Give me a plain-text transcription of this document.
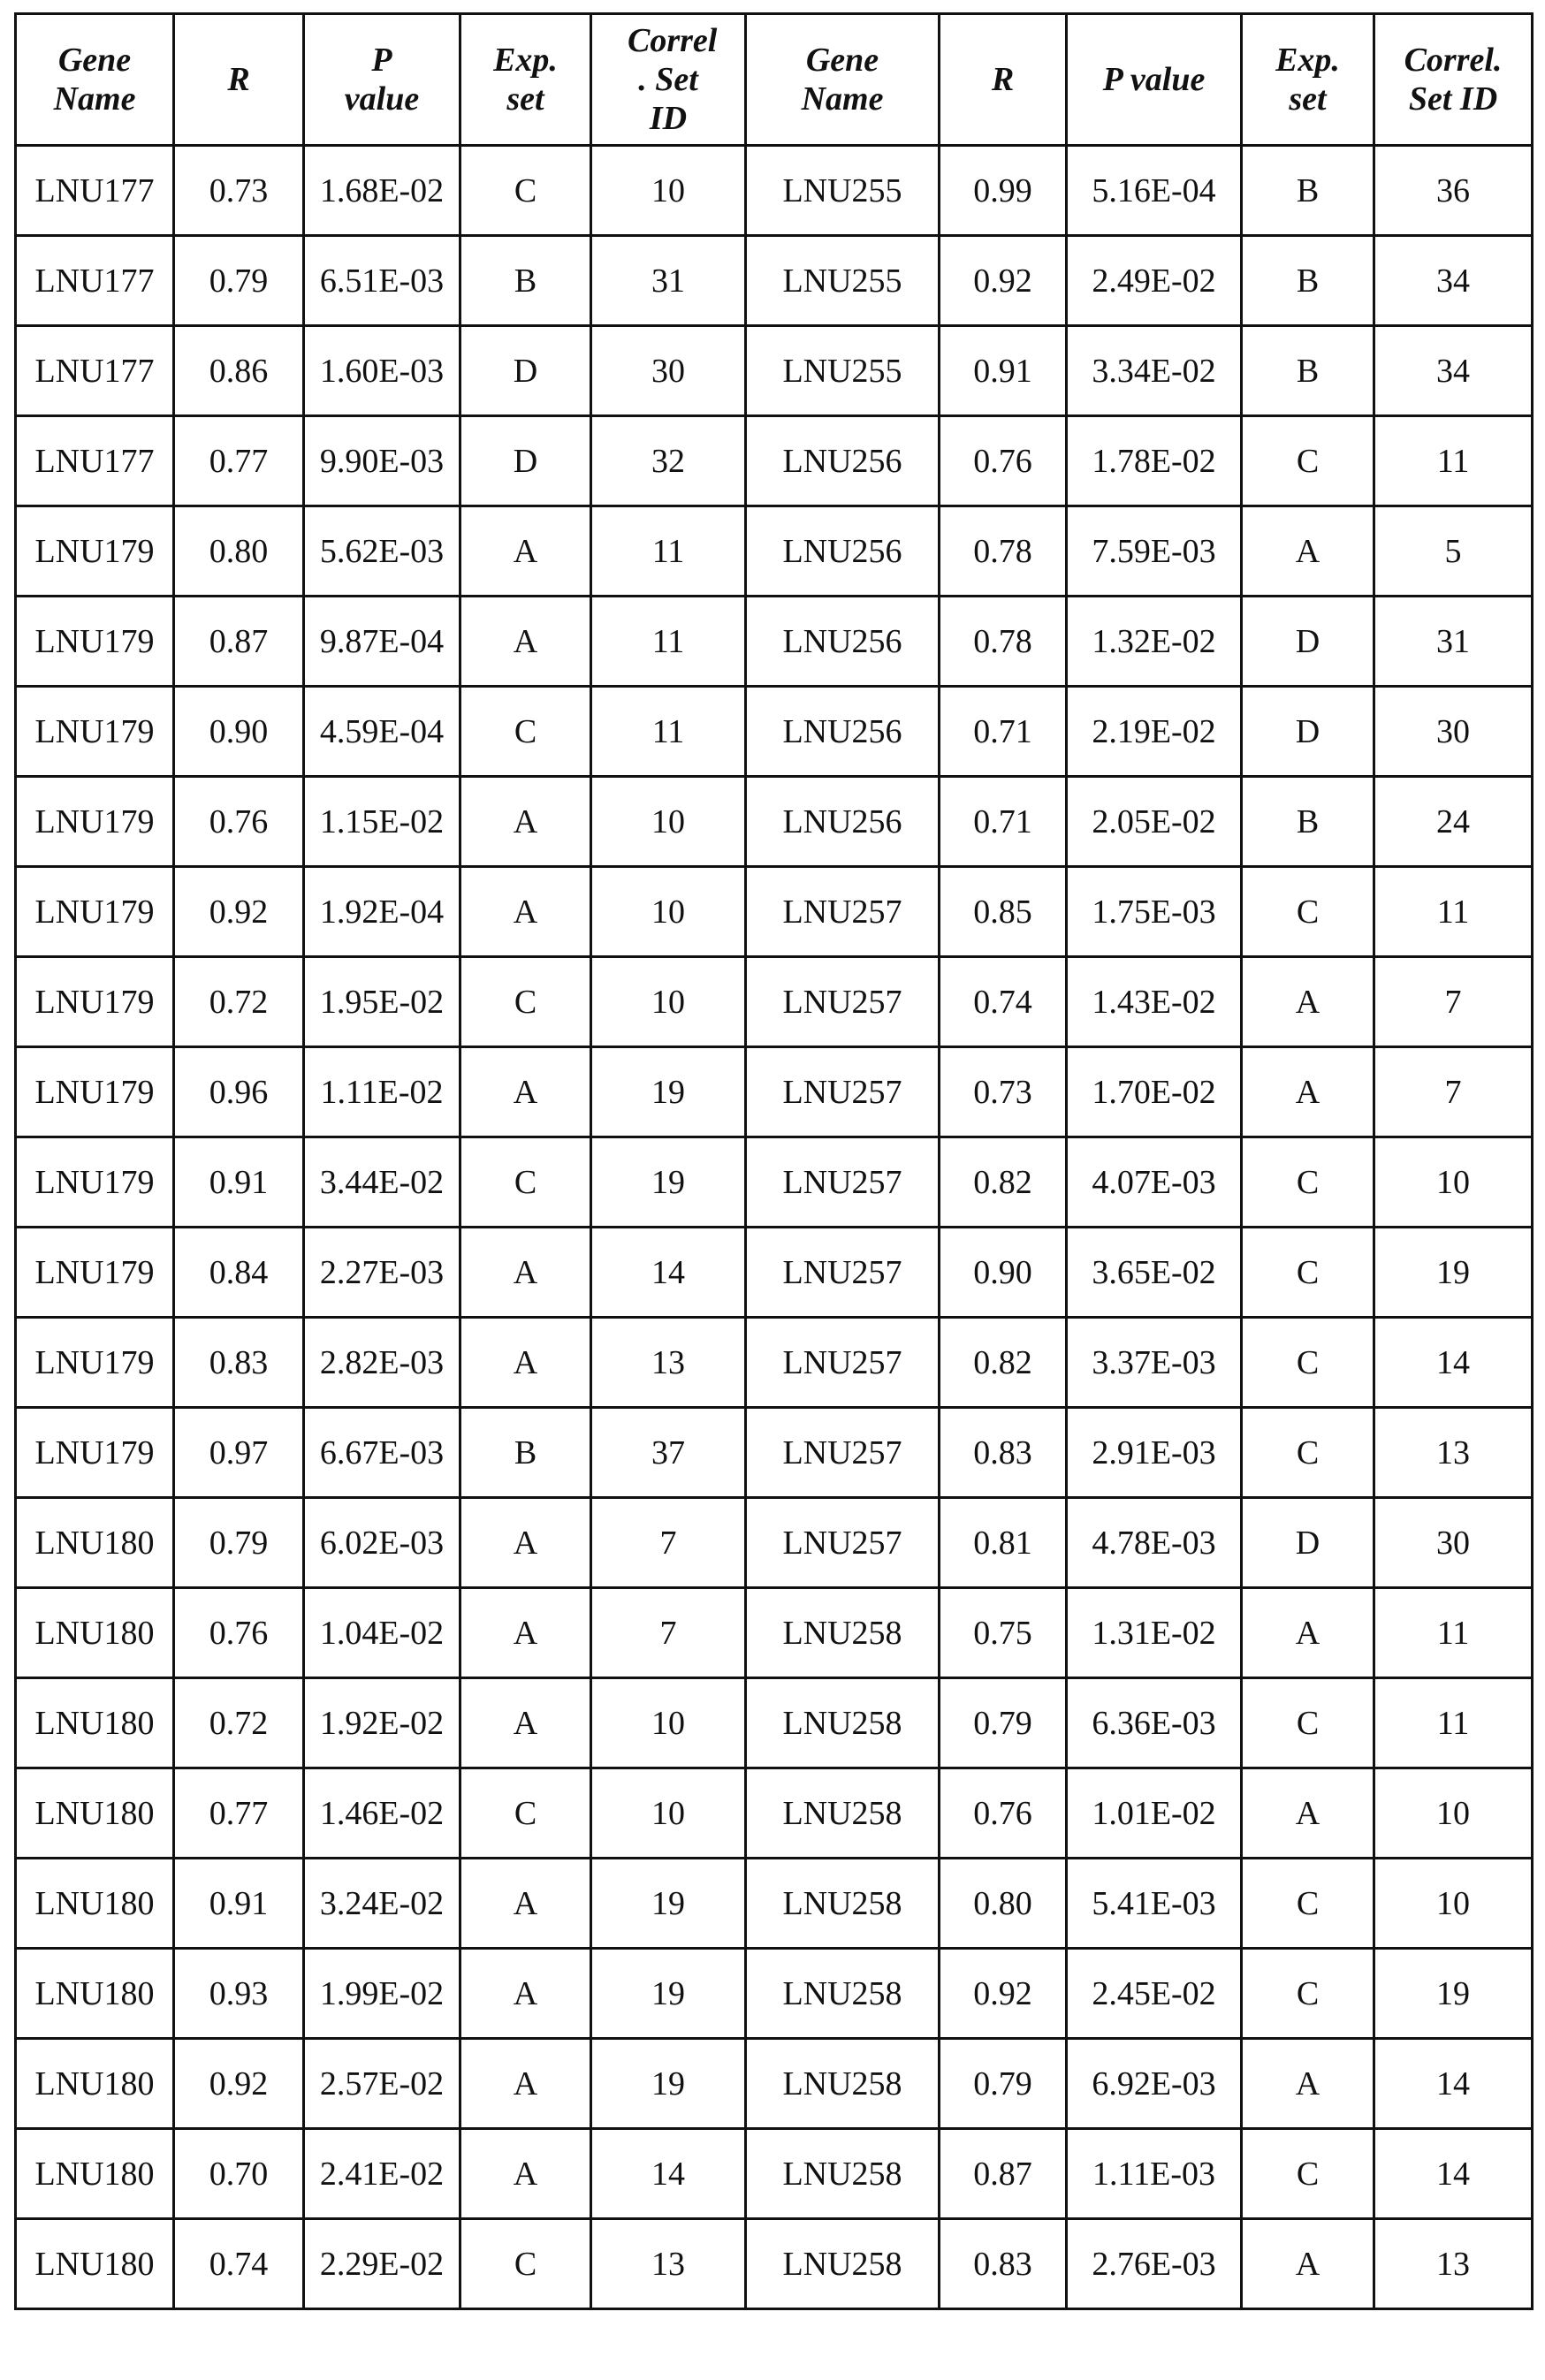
Gene Name	R	P value	Exp. set	Correl . Set ID	Gene Name	R	P value	Exp. set	Correl. Set ID
LNU177	0.73	1.68E-02	C	10	LNU255	0.99	5.16E-04	B	36
LNU177	0.79	6.51E-03	B	31	LNU255	0.92	2.49E-02	B	34
LNU177	0.86	1.60E-03	D	30	LNU255	0.91	3.34E-02	B	34
LNU177	0.77	9.90E-03	D	32	LNU256	0.76	1.78E-02	C	11
LNU179	0.80	5.62E-03	A	11	LNU256	0.78	7.59E-03	A	5
LNU179	0.87	9.87E-04	A	11	LNU256	0.78	1.32E-02	D	31
LNU179	0.90	4.59E-04	C	11	LNU256	0.71	2.19E-02	D	30
LNU179	0.76	1.15E-02	A	10	LNU256	0.71	2.05E-02	B	24
LNU179	0.92	1.92E-04	A	10	LNU257	0.85	1.75E-03	C	11
LNU179	0.72	1.95E-02	C	10	LNU257	0.74	1.43E-02	A	7
LNU179	0.96	1.11E-02	A	19	LNU257	0.73	1.70E-02	A	7
LNU179	0.91	3.44E-02	C	19	LNU257	0.82	4.07E-03	C	10
LNU179	0.84	2.27E-03	A	14	LNU257	0.90	3.65E-02	C	19
LNU179	0.83	2.82E-03	A	13	LNU257	0.82	3.37E-03	C	14
LNU179	0.97	6.67E-03	B	37	LNU257	0.83	2.91E-03	C	13
LNU180	0.79	6.02E-03	A	7	LNU257	0.81	4.78E-03	D	30
LNU180	0.76	1.04E-02	A	7	LNU258	0.75	1.31E-02	A	11
LNU180	0.72	1.92E-02	A	10	LNU258	0.79	6.36E-03	C	11
LNU180	0.77	1.46E-02	C	10	LNU258	0.76	1.01E-02	A	10
LNU180	0.91	3.24E-02	A	19	LNU258	0.80	5.41E-03	C	10
LNU180	0.93	1.99E-02	A	19	LNU258	0.92	2.45E-02	C	19
LNU180	0.92	2.57E-02	A	19	LNU258	0.79	6.92E-03	A	14
LNU180	0.70	2.41E-02	A	14	LNU258	0.87	1.11E-03	C	14
LNU180	0.74	2.29E-02	C	13	LNU258	0.83	2.76E-03	A	13
